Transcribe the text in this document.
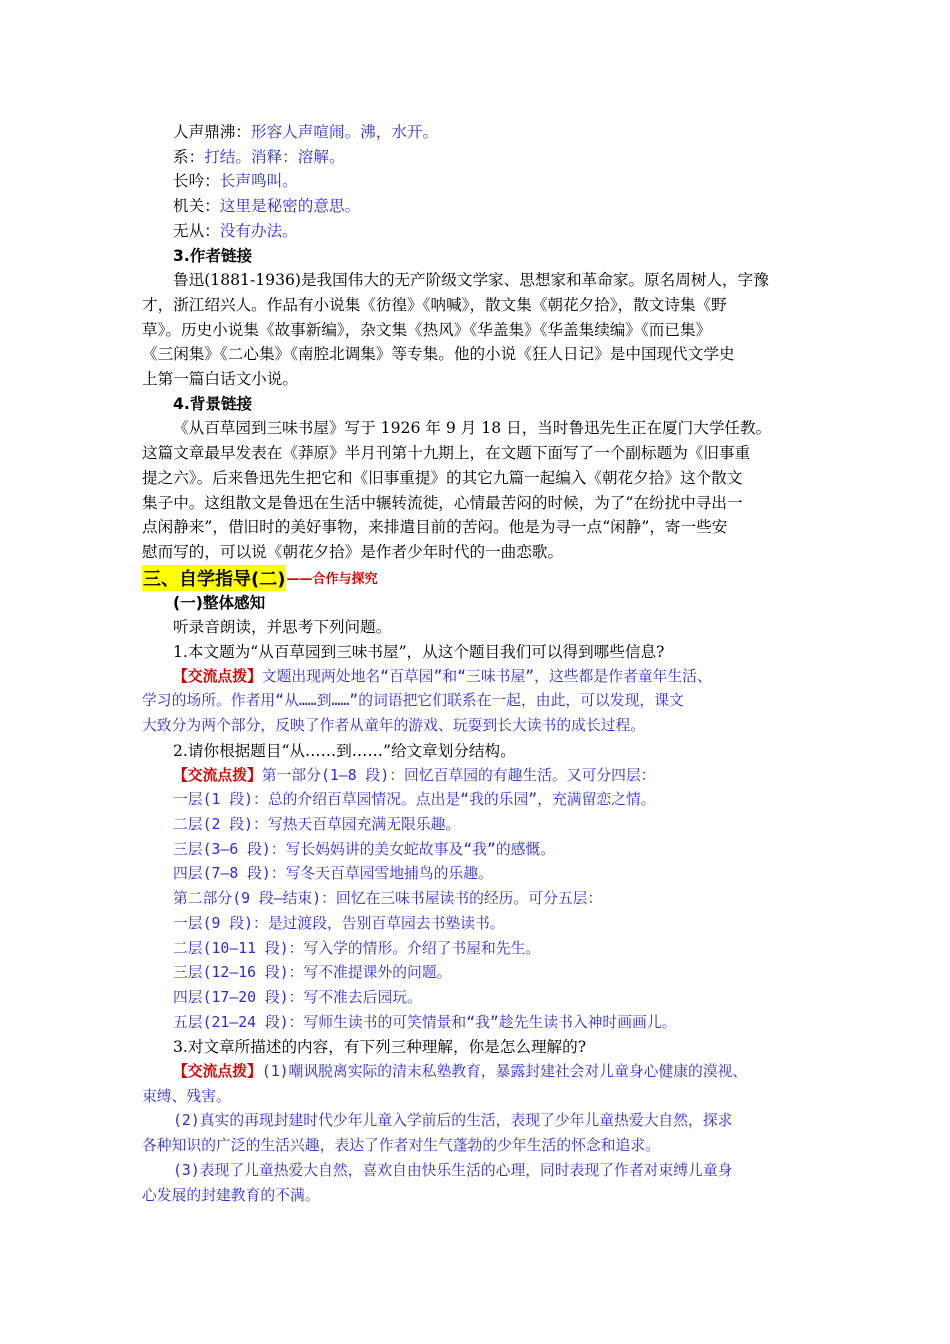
人声鼎沸：形容人声喧闹。沸，水开。
系：打结。消释：溶解。
长吟：长声鸣叫。
机关：这里是秘密的意思。
无从：没有办法。
3.作者链接
鲁迅(1881-1936)是我国伟大的无产阶级文学家、思想家和革命家。原名周树人，字豫
才，浙江绍兴人。作品有小说集《彷徨》《呐喊》，散文集《朝花夕拾》，散文诗集《野
草》。历史小说集《故事新编》，杂文集《热风》《华盖集》《华盖集续编》《而已集》
《三闲集》《二心集》《南腔北调集》等专集。他的小说《狂人日记》是中国现代文学史
上第一篇白话文小说。
4.背景链接
《从百草园到三味书屋》写于 1926 年 9 月 18 日，当时鲁迅先生正在厦门大学任教。
这篇文章最早发表在《莽原》半月刊第十九期上，在文题下面写了一个副标题为《旧事重
提之六》。后来鲁迅先生把它和《旧事重提》的其它九篇一起编入《朝花夕拾》这个散文
集子中。这组散文是鲁迅在生活中辗转流徙，心情最苦闷的时候，为了“在纷扰中寻出一
点闲静来”，借旧时的美好事物，来排遣目前的苦闷。他是为寻一点“闲静”，寄一些安
慰而写的，可以说《朝花夕拾》是作者少年时代的一曲恋歌。
三、自学指导(二) ——合作与探究
(一)整体感知
听录音朗读，并思考下列问题。
1.本文题为“从百草园到三味书屋”，从这个题目我们可以得到哪些信息?
【交流点拨】文题出现两处地名“百草园”和“三味书屋”，这些都是作者童年生活、
学习的场所。作者用“从……到……”的词语把它们联系在一起，由此，可以发现，课文
大致分为两个部分，反映了作者从童年的游戏、玩耍到长大读书的成长过程。
2.请你根据题目“从……到……”给文章划分结构。
【交流点拨】第一部分(1—8 段)：回忆百草园的有趣生活。又可分四层：
一层(1 段)：总的介绍百草园情况。点出是“我的乐园”，充满留恋之情。
二层(2 段)：写热天百草园充满无限乐趣。
三层(3—6 段)：写长妈妈讲的美女蛇故事及“我”的感慨。
四层(7—8 段)：写冬天百草园雪地捕鸟的乐趣。
第二部分(9 段—结束)：回忆在三味书屋读书的经历。可分五层：
一层(9 段)：是过渡段，告别百草园去书塾读书。
二层(10—11 段)：写入学的情形。介绍了书屋和先生。
三层(12—16 段)：写不准提课外的问题。
四层(17—20 段)：写不准去后园玩。
五层(21—24 段)：写师生读书的可笑情景和“我”趁先生读书入神时画画儿。
3.对文章所描述的内容，有下列三种理解，你是怎么理解的?
【交流点拨】(1)嘲讽脱离实际的清末私塾教育，暴露封建社会对儿童身心健康的漠视、
束缚、残害。
(2)真实的再现封建时代少年儿童入学前后的生活，表现了少年儿童热爱大自然，探求
各种知识的广泛的生活兴趣，表达了作者对生气蓬勃的少年生活的怀念和追求。
(3)表现了儿童热爱大自然，喜欢自由快乐生活的心理，同时表现了作者对束缚儿童身
心发展的封建教育的不满。
